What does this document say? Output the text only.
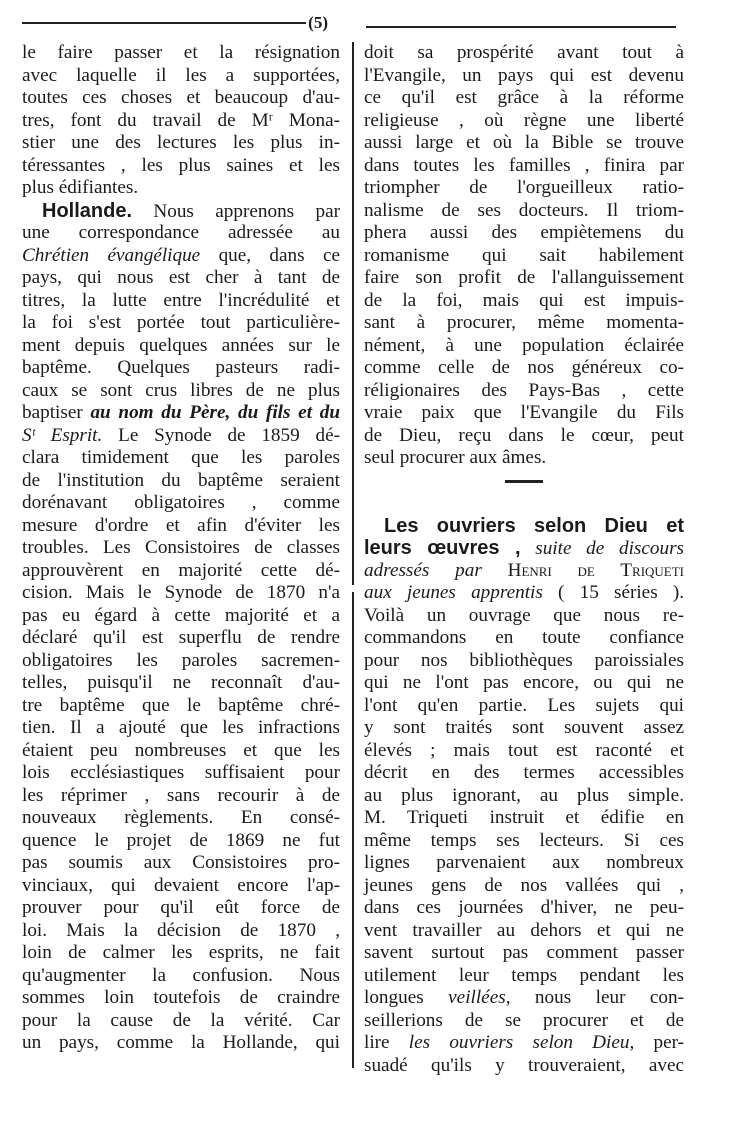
(5)
le faire passer et la résignation
avec laquelle il les a supportées,
toutes ces choses et beaucoup d'au-
tres, font du travail de Mʳ Mona-
stier une des lectures les plus in-
téressantes , les plus saines et les
plus édifiantes.
Hollande. Nous apprenons par
une correspondance adressée au
Chrétien évangélique que, dans ce
pays, qui nous est cher à tant de
titres, la lutte entre l'incrédulité et
la foi s'est portée tout particulière-
ment depuis quelques années sur le
baptême. Quelques pasteurs radi-
caux se sont crus libres de ne plus
baptiser au nom du Père, du fils et du
Sᵗ Esprit. Le Synode de 1859 dé-
clara timidement que les paroles
de l'institution du baptême seraient
dorénavant obligatoires , comme
mesure d'ordre et afin d'éviter les
troubles. Les Consistoires de classes
approuvèrent en majorité cette dé-
cision. Mais le Synode de 1870 n'a
pas eu égard à cette majorité et a
déclaré qu'il est superflu de rendre
obligatoires les paroles sacremen-
telles, puisqu'il ne reconnaît d'au-
tre baptême que le baptême chré-
tien. Il a ajouté que les infractions
étaient peu nombreuses et que les
lois ecclésiastiques suffisaient pour
les réprimer , sans recourir à de
nouveaux règlements. En consé-
quence le projet de 1869 ne fut
pas soumis aux Consistoires pro-
vinciaux, qui devaient encore l'ap-
prouver pour qu'il eût force de
loi. Mais la décision de 1870 ,
loin de calmer les esprits, ne fait
qu'augmenter la confusion. Nous
sommes loin toutefois de craindre
pour la cause de la vérité. Car
un pays, comme la Hollande, qui
doit sa prospérité avant tout à
l'Evangile, un pays qui est devenu
ce qu'il est grâce à la réforme
religieuse , où règne une liberté
aussi large et où la Bible se trouve
dans toutes les familles , finira par
triompher de l'orgueilleux ratio-
nalisme de ses docteurs. Il triom-
phera aussi des empiètemens du
romanisme qui sait habilement
faire son profit de l'allanguissement
de la foi, mais qui est impuis-
sant à procurer, même momenta-
nément, à une population éclairée
comme celle de nos généreux co-
réligionaires des Pays-Bas , cette
vraie paix que l'Evangile du Fils
de Dieu, reçu dans le cœur, peut
seul procurer aux âmes.
Les ouvriers selon Dieu et
leurs œuvres , suite de discours
adressés par Henri de Triqueti
aux jeunes apprentis ( 15 séries ).
Voilà un ouvrage que nous re-
commandons en toute confiance
pour nos bibliothèques paroissiales
qui ne l'ont pas encore, ou qui ne
l'ont qu'en partie. Les sujets qui
y sont traités sont souvent assez
élevés ; mais tout est raconté et
décrit en des termes accessibles
au plus ignorant, au plus simple.
M. Triqueti instruit et édifie en
même temps ses lecteurs. Si ces
lignes parvenaient aux nombreux
jeunes gens de nos vallées qui ,
dans ces journées d'hiver, ne peu-
vent travailler au dehors et qui ne
savent surtout pas comment passer
utilement leur temps pendant les
longues veillées, nous leur con-
seillerions de se procurer et de
lire les ouvriers selon Dieu, per-
suadé qu'ils y trouveraient, avec
